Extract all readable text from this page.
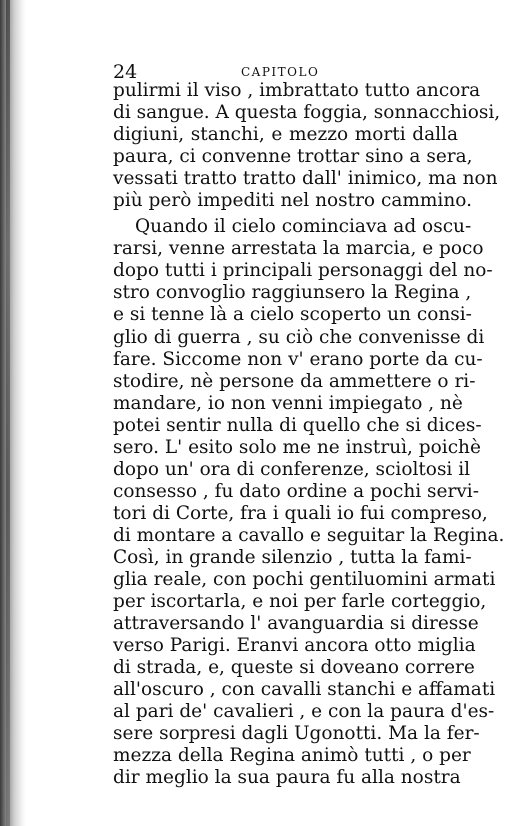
24	CAPITOLO
pulirmi il viso , imbrattato tutto ancora
di sangue. A questa foggia, sonnacchiosi,
digiuni, stanchi, e mezzo morti dalla
paura, ci convenne trottar sino a sera,
vessati tratto tratto dall' inimico, ma non
più però impediti nel nostro cammino.
Quando il cielo cominciava ad oscu-
rarsi, venne arrestata la marcia, e poco
dopo tutti i principali personaggi del no-
stro convoglio raggiunsero la Regina ,
e si tenne là a cielo scoperto un consi-
glio di guerra , su ciò che convenisse di
fare. Siccome non v' erano porte da cu-
stodire, nè persone da ammettere o ri-
mandare, io non venni impiegato , nè
potei sentir nulla di quello che si dices-
sero. L' esito solo me ne instruì, poichè
dopo un' ora di conferenze, scioltosi il
consesso , fu dato ordine a pochi servi-
tori di Corte, fra i quali io fui compreso,
di montare a cavallo e seguitar la Regina.
Così, in grande silenzio , tutta la fami-
glia reale, con pochi gentiluomini armati
per iscortarla, e noi per farle corteggio,
attraversando l' avanguardia si diresse
verso Parigi. Eranvi ancora otto miglia
di strada, e, queste si doveano correre
all'oscuro , con cavalli stanchi e affamati
al pari de' cavalieri , e con la paura d'es-
sere sorpresi dagli Ugonotti. Ma la fer-
mezza della Regina animò tutti , o per
dir meglio la sua paura fu alla nostra
